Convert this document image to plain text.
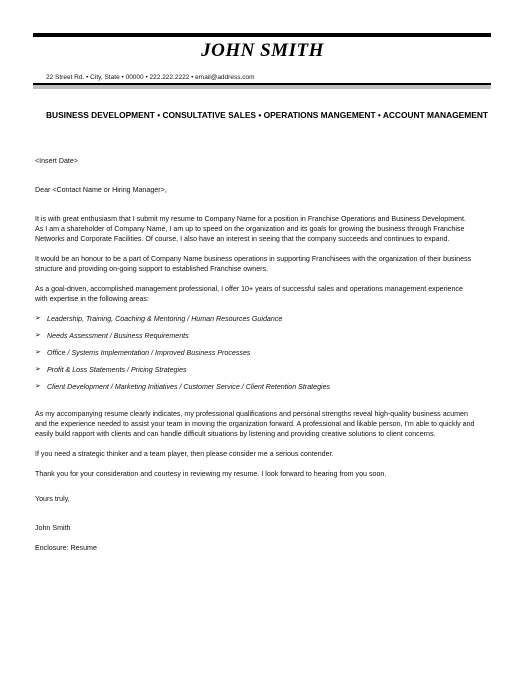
JOHN SMITH
22 Street Rd. • City, State • 00000 • 222.222.2222 • email@address.com
BUSINESS DEVELOPMENT • CONSULTATIVE SALES • OPERATIONS MANGEMENT • ACCOUNT MANAGEMENT

<Insert Date>

Dear <Contact Name or Hiring Manager>,

It is with great enthusiasm that I submit my resume to Company Name for a position in Franchise Operations and Business Development. As I am a shareholder of Company Name, I am up to speed on the organization and its goals for growing the business through Franchise Networks and Corporate Facilities. Of course, I also have an interest in seeing that the company succeeds and continues to expand.

It would be an honour to be a part of Company Name business operations in supporting Franchisees with the organization of their business structure and providing on-going support to established Franchise owners.

As a goal-driven, accomplished management professional, I offer 10+ years of successful sales and operations management experience with expertise in the following areas:

➢ Leadership, Training, Coaching & Mentoring / Human Resources Guidance
➢ Needs Assessment / Business Requirements
➢ Office / Systems Implementation / Improved Business Processes
➢ Profit & Loss Statements / Pricing Strategies
➢ Client Development / Marketing Initiatives / Customer Service / Client Retention Strategies

As my accompanying resume clearly indicates, my professional qualifications and personal strengths reveal high-quality business acumen and the experience needed to assist your team in moving the organization forward. A professional and likable person, I'm able to quickly and easily build rapport with clients and can handle difficult situations by listening and providing creative solutions to client concerns.

If you need a strategic thinker and a team player, then please consider me a serious contender.

Thank you for your consideration and courtesy in reviewing my resume. I look forward to hearing from you soon.

Yours truly,

John Smith

Enclosure: Resume
